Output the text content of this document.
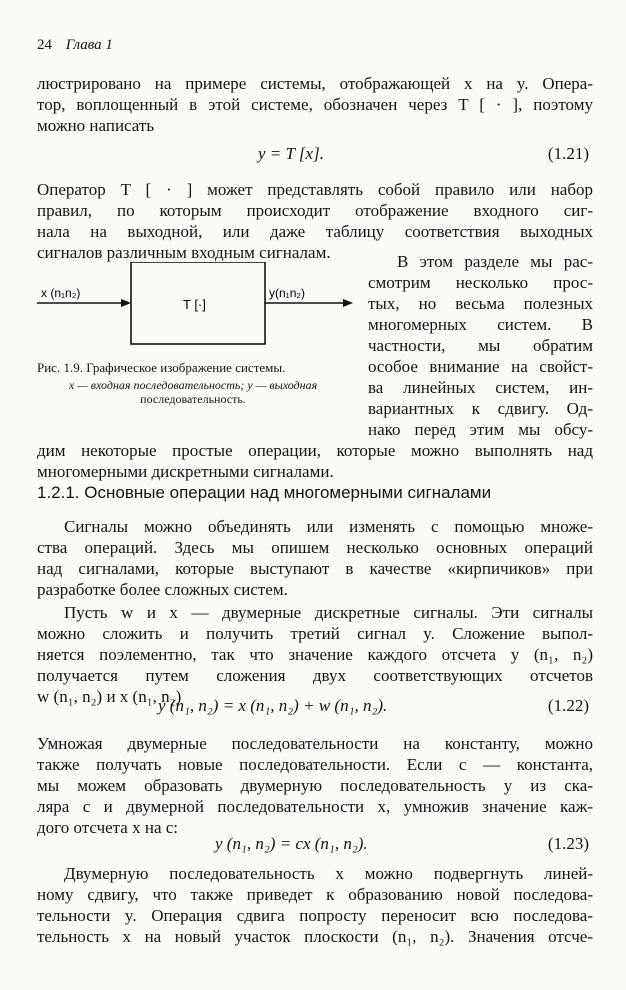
24 Глава 1
люстрировано на примере системы, отображающей x на y. Опера-
тор, воплощенный в этой системе, обозначен через T [ · ], поэтому
можно написать
y = T [x].	(1.21)
Оператор T [ · ] может представлять собой правило или набор
правил, по которым происходит отображение входного сиг-
нала на выходной, или даже таблицу соответствия выходных
сигналов различным входным сигналам.	В этом разделе мы рас-
смотрим несколько прос-
тых, но весьма полезных
многомерных систем. В
частности, мы обратим
особое внимание на свойст-
ва линейных систем, ин-
вариантных к сдвигу. Од-
нако перед этим мы обсу-
x (n₁n₂)
T [·]
y(n₁n₂)
Рис. 1.9. Графическое изображение системы.
x — входная последовательность; y — выходная
последовательность.
дим некоторые простые операции, которые можно выполнять над
многомерными дискретными сигналами.
1.2.1. Основные операции над многомерными сигналами
Сигналы можно объединять или изменять с помощью множе-
ства операций. Здесь мы опишем несколько основных операций
над сигналами, которые выступают в качестве «кирпичиков» при
разработке более сложных систем.
Пусть w и x — двумерные дискретные сигналы. Эти сигналы
можно сложить и получить третий сигнал y. Сложение выпол-
няется поэлементно, так что значение каждого отсчета y (n₁, n₂)
получается путем сложения двух соответствующих отсчетов
w (n₁, n₂) и x (n₁, n₂)
y (n₁, n₂) = x (n₁, n₂) + w (n₁, n₂).	(1.22)
Умножая двумерные последовательности на константу, можно
также получать новые последовательности. Если c — константа,
мы можем образовать двумерную последовательность y из ска-
ляра c и двумерной последовательности x, умножив значение каж-
дого отсчета x на c:
y (n₁, n₂) = cx (n₁, n₂).	(1.23)
Двумерную последовательность x можно подвергнуть линей-
ному сдвигу, что также приведет к образованию новой последова-
тельности y. Операция сдвига попросту переносит всю последова-
тельность x на новый участок плоскости (n₁, n₂). Значения отсче-
